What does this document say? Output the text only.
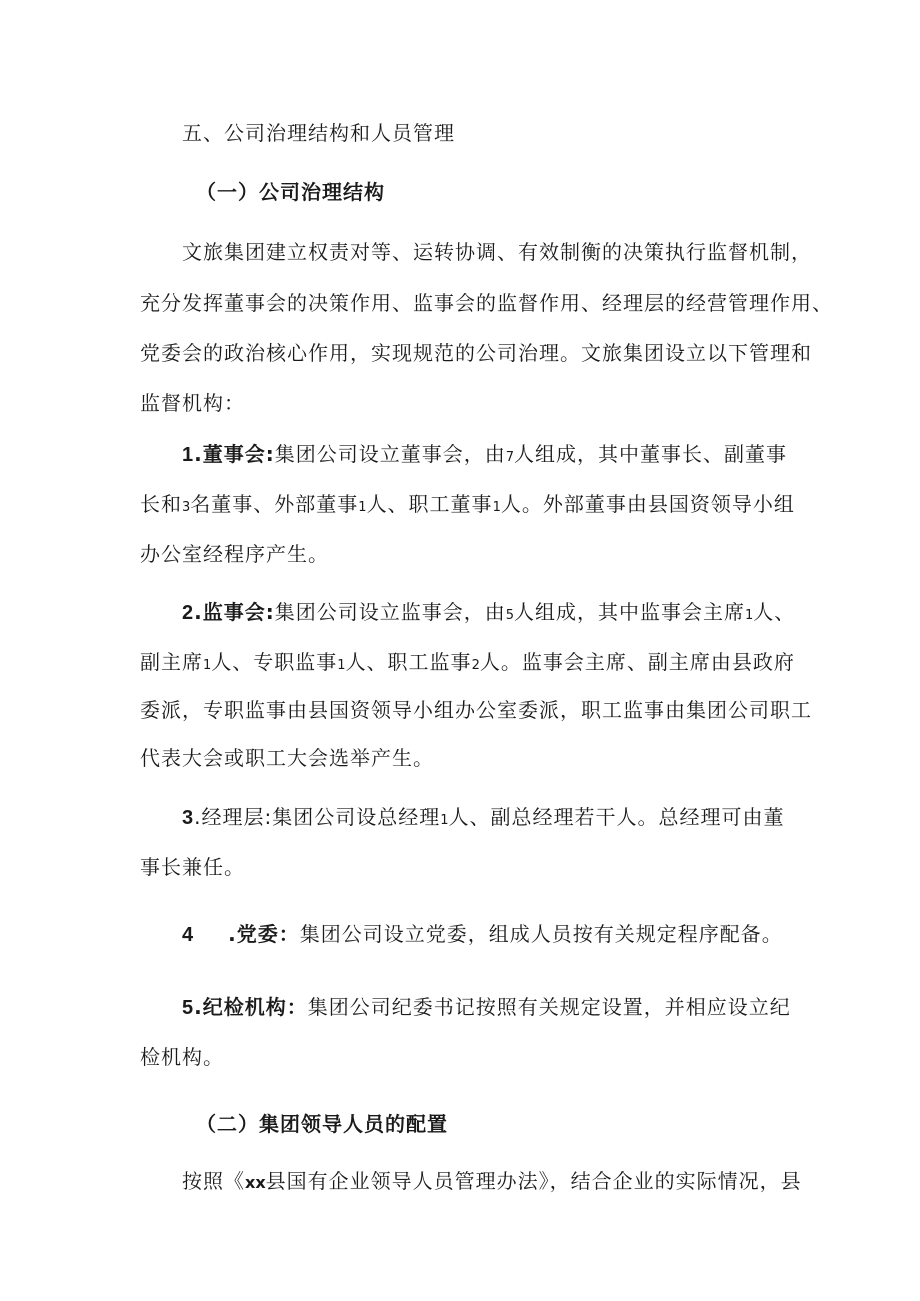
五、公司治理结构和人员管理
（一）公司治理结构
文旅集团建立权责对等、运转协调、有效制衡的决策执行监督机制，
充分发挥董事会的决策作用、监事会的监督作用、经理层的经营管理作用、
党委会的政治核心作用，实现规范的公司治理。文旅集团设立以下管理和
监督机构：
1.董事会:集团公司设立董事会，由7人组成，其中董事长、副董事
长和3名董事、外部董事1人、职工董事1人。外部董事由县国资领导小组
办公室经程序产生。
2.监事会:集团公司设立监事会，由5人组成，其中监事会主席1人、
副主席1人、专职监事1人、职工监事2人。监事会主席、副主席由县政府
委派，专职监事由县国资领导小组办公室委派，职工监事由集团公司职工
代表大会或职工大会选举产生。
3.经理层:集团公司设总经理1人、副总经理若干人。总经理可由董
事长兼任。
4 .党委：集团公司设立党委，组成人员按有关规定程序配备。
5.纪检机构：集团公司纪委书记按照有关规定设置，并相应设立纪
检机构。
（二）集团领导人员的配置
按照《xx县国有企业领导人员管理办法》，结合企业的实际情况，县
